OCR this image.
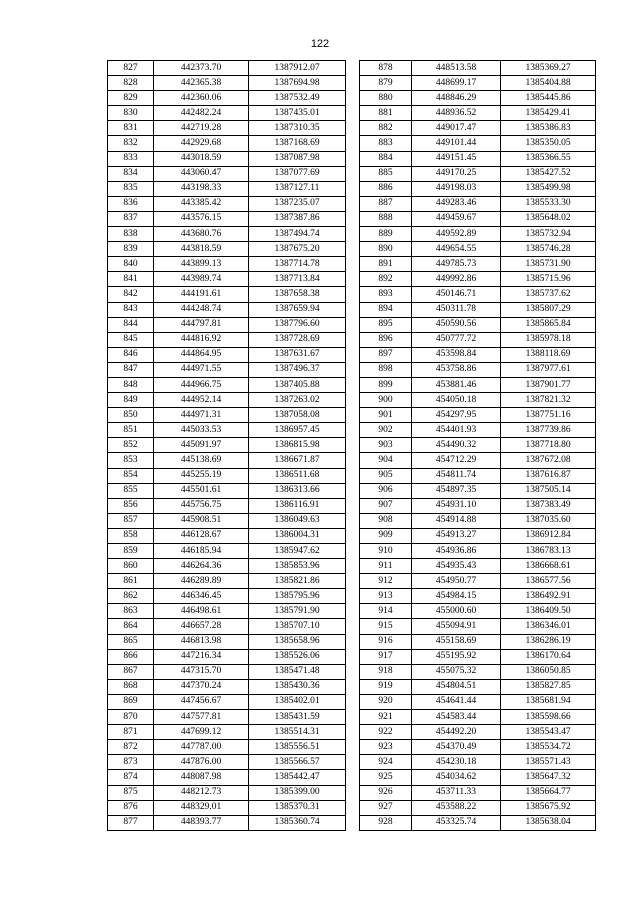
122
827	442373.70	1387912.07
828	442365.38	1387694.98
829	442360.06	1387532.49
830	442482.24	1387435.01
831	442719.28	1387310.35
832	442929.68	1387168.69
833	443018.59	1387087.98
834	443060.47	1387077.69
835	443198.33	1387127.11
836	443385.42	1387235.07
837	443576.15	1387387.86
838	443680.76	1387494.74
839	443818.59	1387675.20
840	443899.13	1387714.78
841	443989.74	1387713.84
842	444191.61	1387658.38
843	444248.74	1387659.94
844	444797.81	1387796.60
845	444816.92	1387728.69
846	444864.95	1387631.67
847	444971.55	1387496.37
848	444966.75	1387405.88
849	444952.14	1387263.02
850	444971.31	1387058.08
851	445033.53	1386957.45
852	445091.97	1386815.98
853	445138.69	1386671.87
854	445255.19	1386511.68
855	445501.61	1386313.66
856	445756.75	1386116.91
857	445908.51	1386049.63
858	446128.67	1386004.31
859	446185.94	1385947.62
860	446264.36	1385853.96
861	446289.89	1385821.86
862	446346.45	1385795.96
863	446498.61	1385791.90
864	446657.28	1385707.10
865	446813.98	1385658.96
866	447216.34	1385526.06
867	447315.70	1385471.48
868	447370.24	1385430.36
869	447456.67	1385402.01
870	447577.81	1385431.59
871	447699.12	1385514.31
872	447787.00	1385556.51
873	447876.00	1385566.57
874	448087.98	1385442.47
875	448212.73	1385399.00
876	448329.01	1385370.31
877	448393.77	1385360.74
878	448513.58	1385369.27
879	448699.17	1385404.88
880	448846.29	1385445.86
881	448936.52	1385429.41
882	449017.47	1385386.83
883	449101.44	1385350.05
884	449151.45	1385366.55
885	449170.25	1385427.52
886	449198.03	1385499.98
887	449283.46	1385533.30
888	449459.67	1385648.02
889	449592.89	1385732.94
890	449654.55	1385746.28
891	449785.73	1385731.90
892	449992.86	1385715.96
893	450146.71	1385737.62
894	450311.78	1385807.29
895	450590.56	1385865.84
896	450777.72	1385978.18
897	453598.84	1388118.69
898	453758.86	1387977.61
899	453881.46	1387901.77
900	454050.18	1387821.32
901	454297.95	1387751.16
902	454401.93	1387739.86
903	454490.32	1387718.80
904	454712.29	1387672.08
905	454811.74	1387616.87
906	454897.35	1387505.14
907	454931.10	1387383.49
908	454914.88	1387035.60
909	454913.27	1386912.84
910	454936.86	1386783.13
911	454935.43	1386668.61
912	454950.77	1386577.56
913	454984.15	1386492.91
914	455000.60	1386409.50
915	455094.91	1386346.01
916	455158.69	1386286.19
917	455195.92	1386170.64
918	455075.32	1386050.85
919	454804.51	1385827.85
920	454641.44	1385681.94
921	454583.44	1385598.66
922	454492.20	1385543.47
923	454370.49	1385534.72
924	454230.18	1385571.43
925	454034.62	1385647.32
926	453711.33	1385664.77
927	453588.22	1385675.92
928	453325.74	1385638.04
